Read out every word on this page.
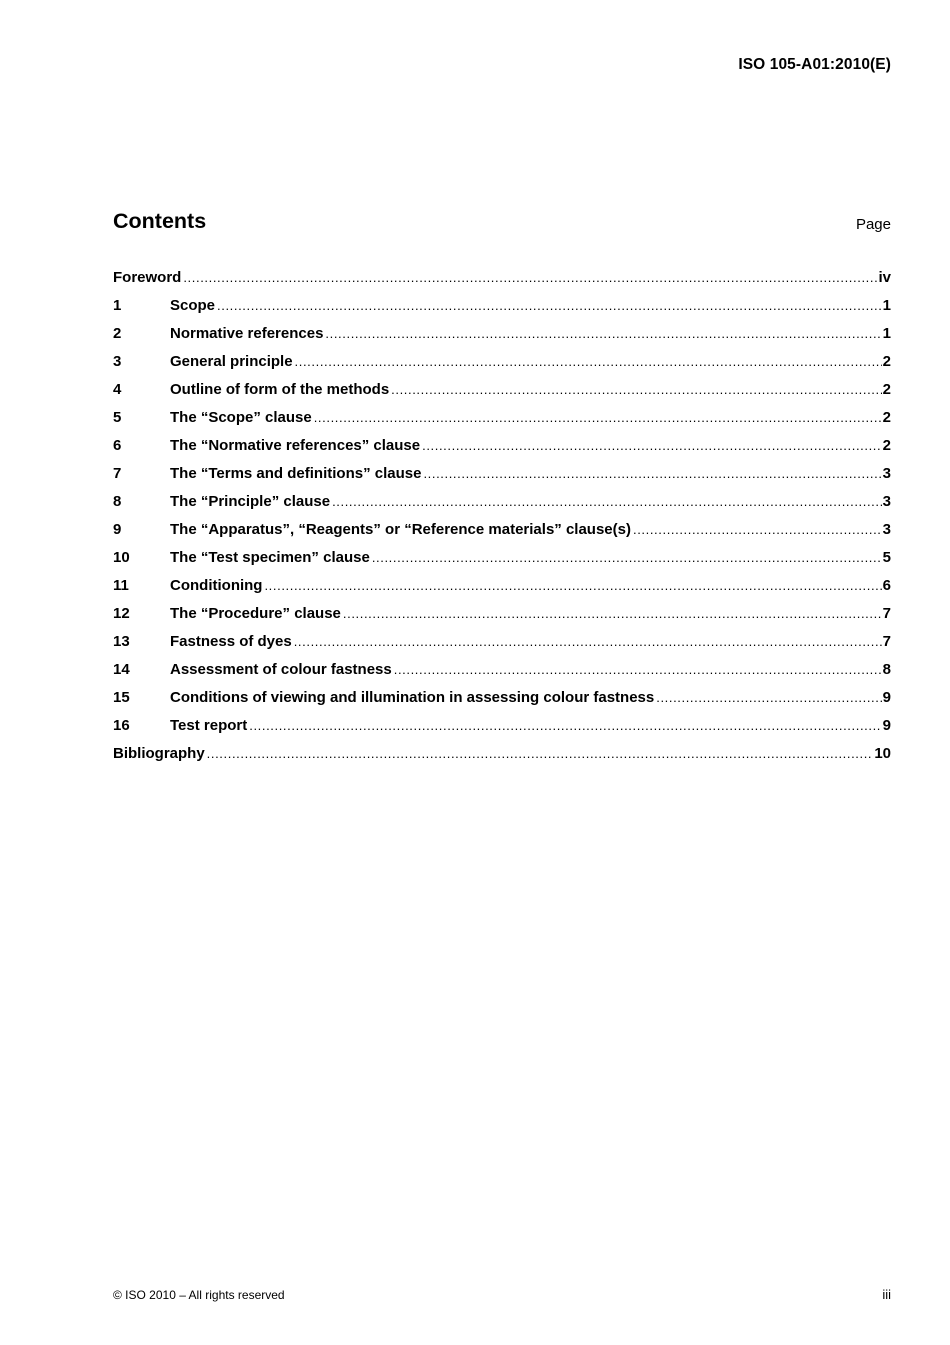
ISO 105-A01:2010(E)
Contents	Page
Foreword .....	iv
1	Scope .....	1
2	Normative references .....	1
3	General principle .....	2
4	Outline of form of the methods .....	2
5	The “Scope” clause .....	2
6	The “Normative references” clause .....	2
7	The “Terms and definitions” clause .....	3
8	The “Principle” clause .....	3
9	The “Apparatus”, “Reagents” or “Reference materials” clause(s) .....	3
10	The “Test specimen” clause .....	5
11	Conditioning .....	6
12	The “Procedure” clause .....	7
13	Fastness of dyes .....	7
14	Assessment of colour fastness .....	8
15	Conditions of viewing and illumination in assessing colour fastness .....	9
16	Test report .....	9
Bibliography .....	10
© ISO 2010 – All rights reserved	iii
